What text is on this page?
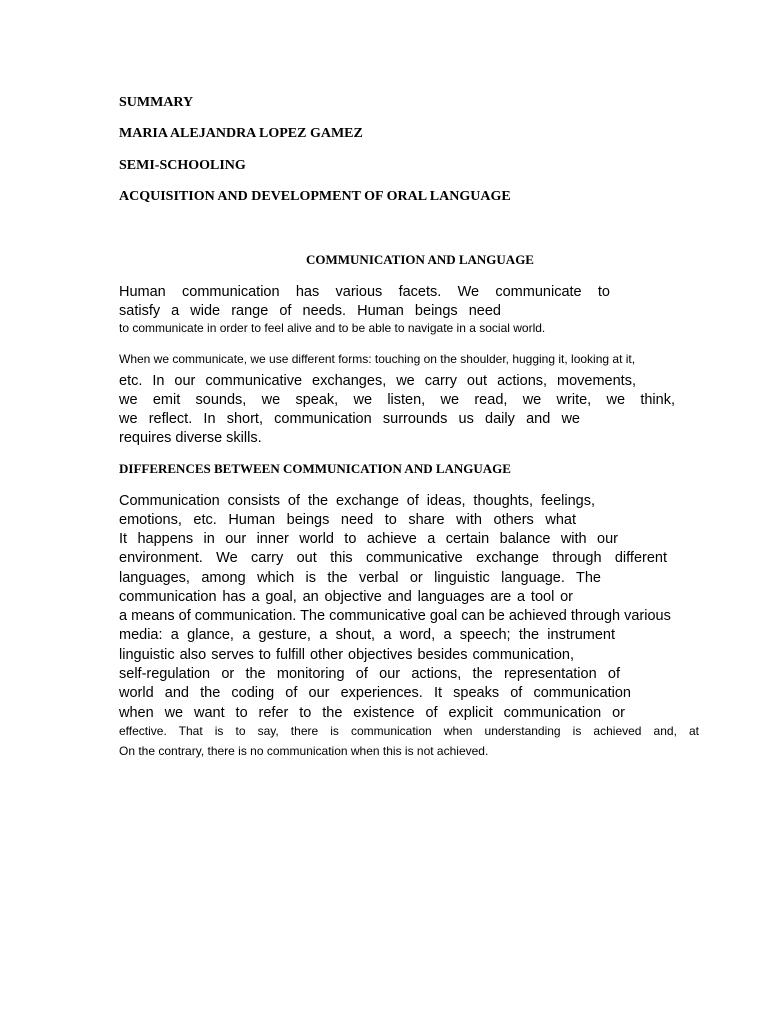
SUMMARY
MARIA ALEJANDRA LOPEZ GAMEZ
SEMI-SCHOOLING
ACQUISITION AND DEVELOPMENT OF ORAL LANGUAGE
COMMUNICATION AND LANGUAGE
Human communication has various facets. We communicate to
satisfy a wide range of needs. Human beings need
to communicate in order to feel alive and to be able to navigate in a social world.
When we communicate, we use different forms: touching on the shoulder, hugging it, looking at it,
etc. In our communicative exchanges, we carry out actions, movements,
we emit sounds, we speak, we listen, we read, we write, we think,
we reflect. In short, communication surrounds us daily and we
requires diverse skills.
DIFFERENCES BETWEEN COMMUNICATION AND LANGUAGE
Communication consists of the exchange of ideas, thoughts, feelings,
emotions, etc. Human beings need to share with others what
It happens in our inner world to achieve a certain balance with our
environment. We carry out this communicative exchange through different
languages, among which is the verbal or linguistic language. The
communication has a goal, an objective and languages are a tool or
a means of communication. The communicative goal can be achieved through various
media: a glance, a gesture, a shout, a word, a speech; the instrument
linguistic also serves to fulfill other objectives besides communication,
self-regulation or the monitoring of our actions, the representation of
world and the coding of our experiences. It speaks of communication
when we want to refer to the existence of explicit communication or
effective. That is to say, there is communication when understanding is achieved and, at
On the contrary, there is no communication when this is not achieved.
